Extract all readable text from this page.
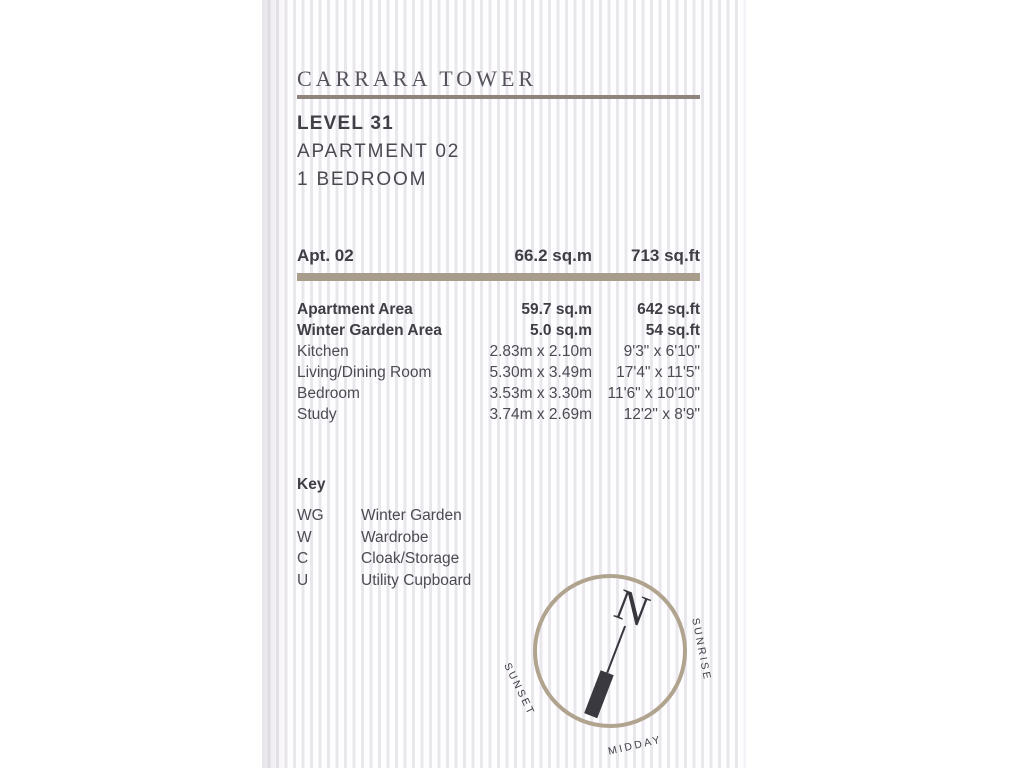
CARRARA TOWER
LEVEL 31
APARTMENT 02
1 BEDROOM
Apt. 02	66.2 sq.m	713 sq.ft
Apartment Area	59.7 sq.m	642 sq.ft
Winter Garden Area	5.0 sq.m	54 sq.ft
Kitchen	2.83m x 2.10m	9'3" x 6'10"
Living/Dining Room	5.30m x 3.49m	17'4" x 11'5"
Bedroom	3.53m x 3.30m	11'6" x 10'10"
Study	3.74m x 2.69m	12'2" x 8'9"
Key
WG	Winter Garden
W	Wardrobe
C	Cloak/Storage
U	Utility Cupboard	N
SUNRISE
SUNSET
MIDDAY
